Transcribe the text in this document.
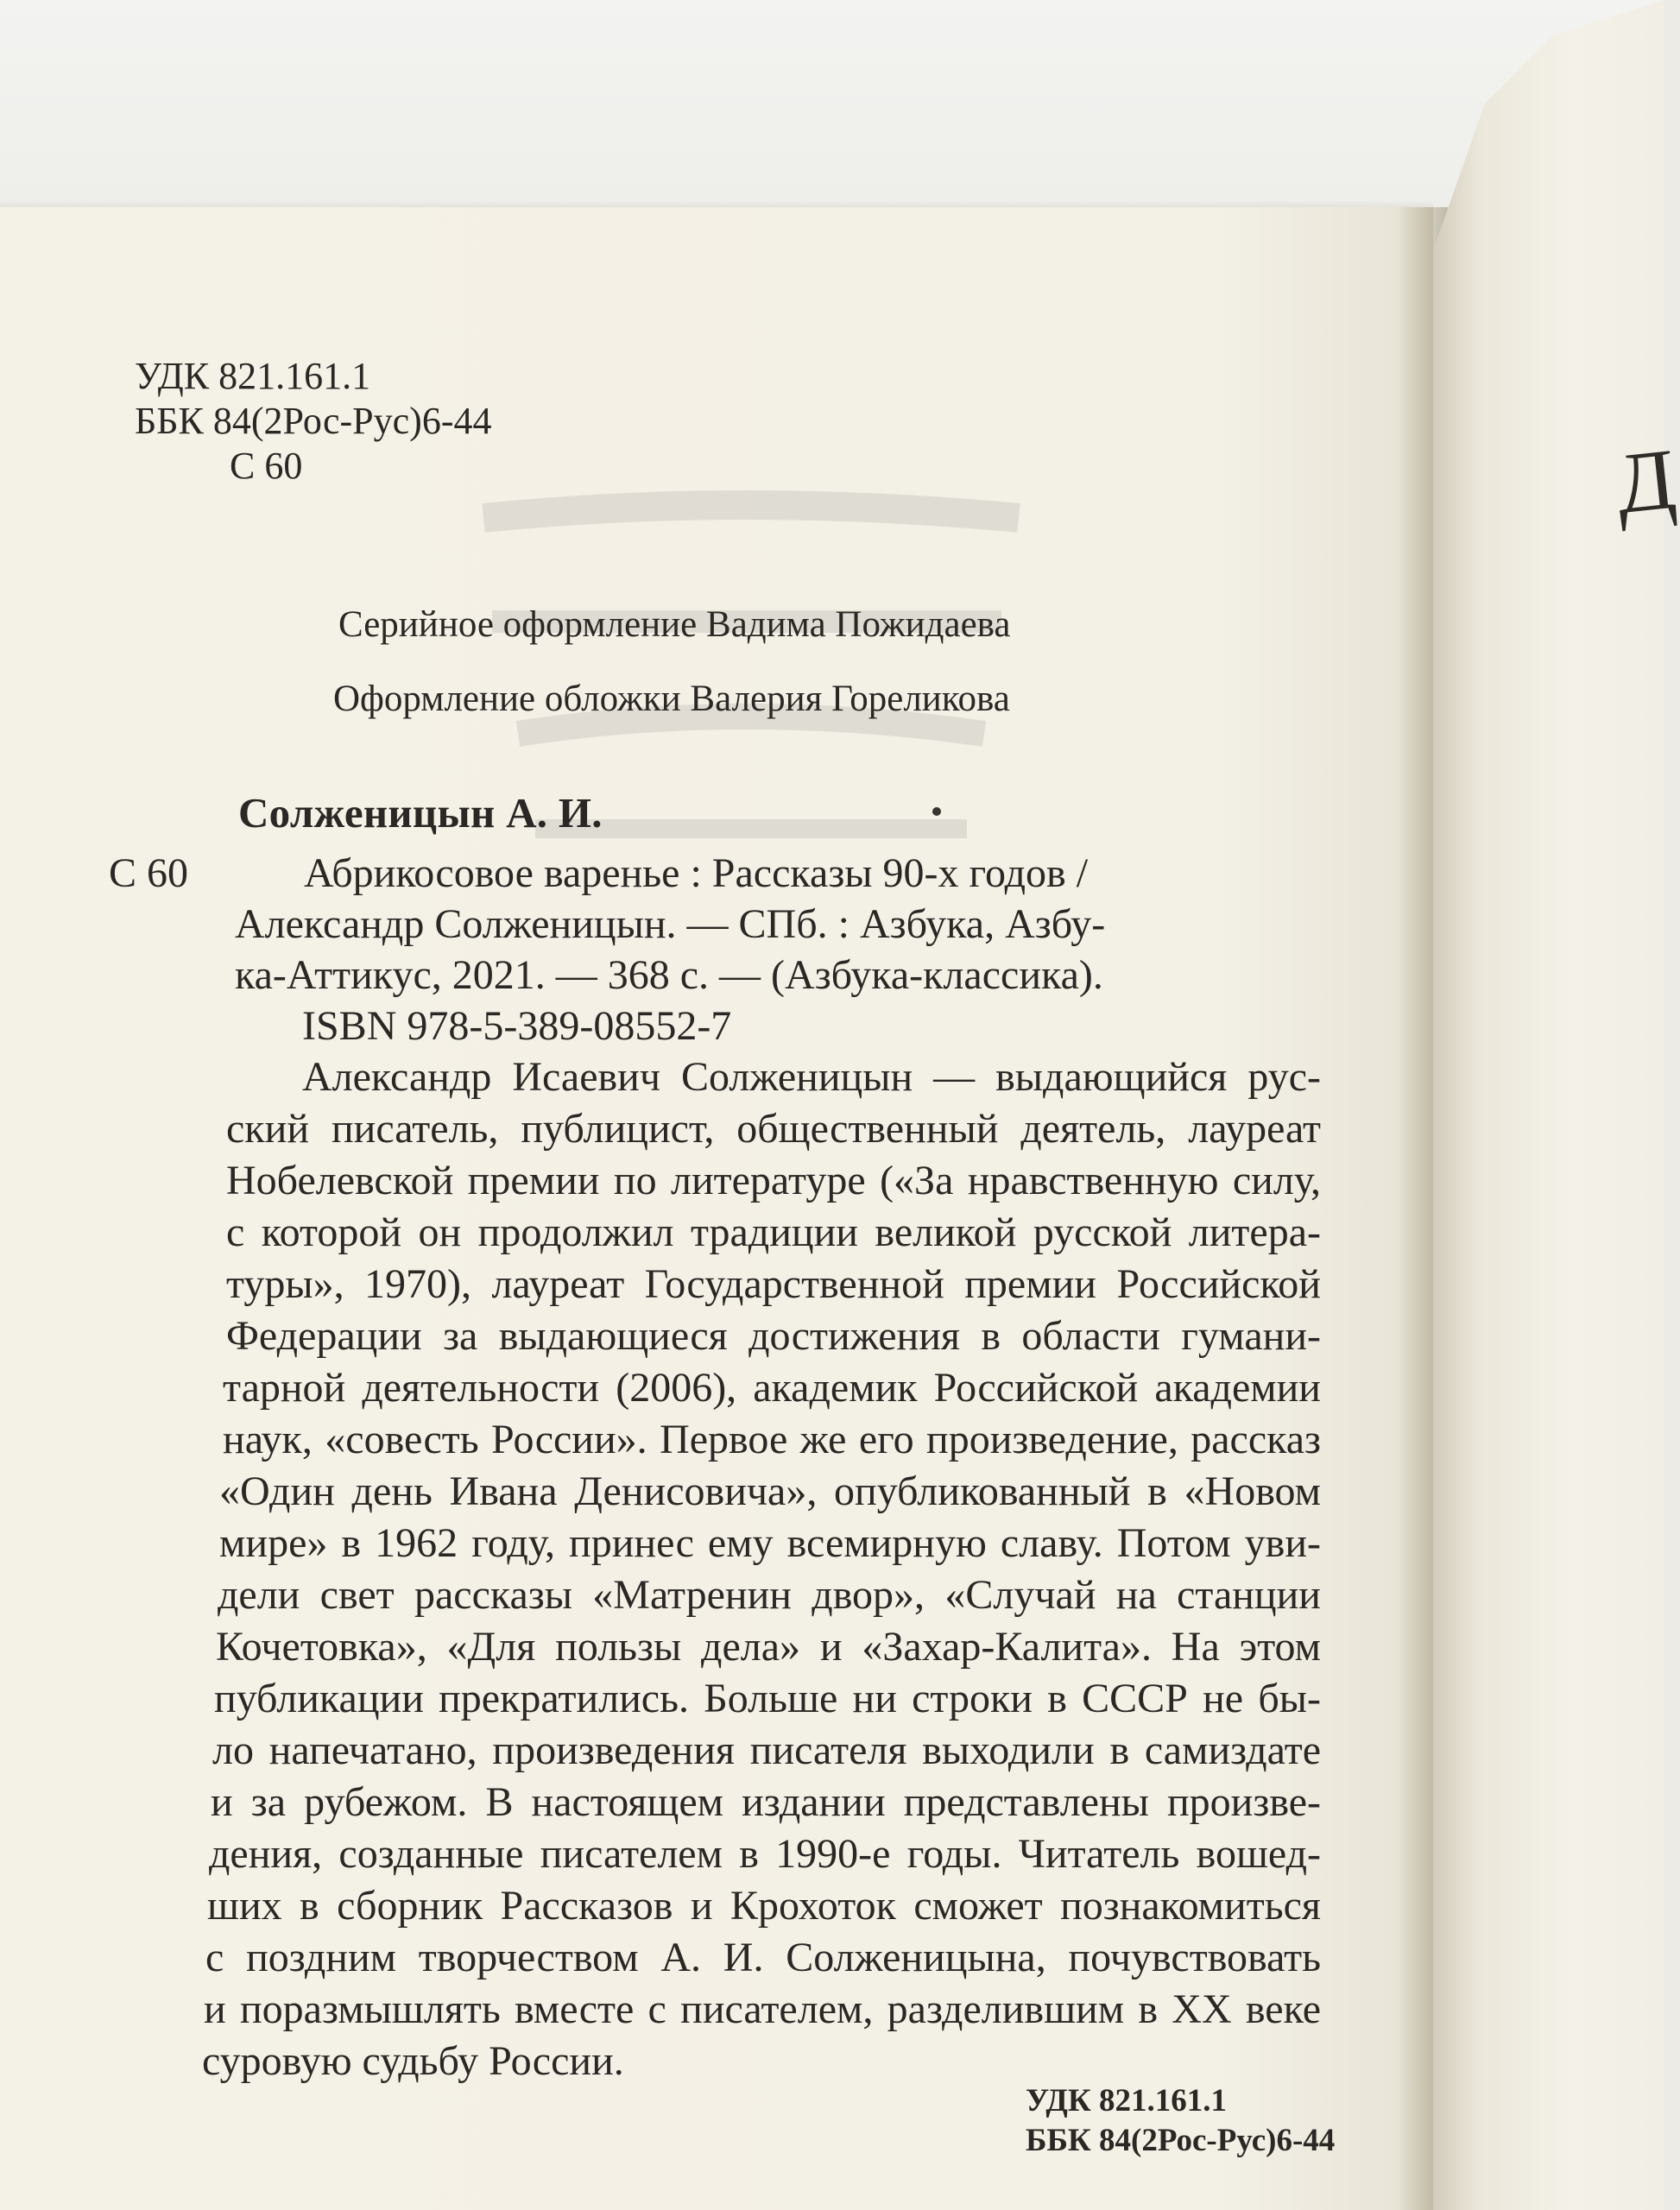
Д
УДК 821.161.1
ББК 84(2Рос-Рус)6-44
С 60
Серийное оформление Вадима Пожидаева
Оформление обложки Валерия Гореликова
Солженицын А. И.
С 60	Абрикосовое варенье : Рассказы 90-х годов /
Александр Солженицын. — СПб. : Азбука, Азбу-
ка-Аттикус, 2021. — 368 с. — (Азбука-классика).
ISBN 978-5-389-08552-7
Александр Исаевич Солженицын — выдающийся рус-
ский писатель, публицист, общественный деятель, лауреат
Нобелевской премии по литературе («За нравственную силу,
с которой он продолжил традиции великой русской литера-
туры», 1970), лауреат Государственной премии Российской
Федерации за выдающиеся достижения в области гумани-
тарной деятельности (2006), академик Российской академии
наук, «совесть России». Первое же его произведение, рассказ
«Один день Ивана Денисовича», опубликованный в «Новом
мире» в 1962 году, принес ему всемирную славу. Потом уви-
дели свет рассказы «Матренин двор», «Случай на станции
Кочетовка», «Для пользы дела» и «Захар-Калита». На этом
публикации прекратились. Больше ни строки в СССР не бы-
ло напечатано, произведения писателя выходили в самиздате
и за рубежом. В настоящем издании представлены произве-
дения, созданные писателем в 1990-е годы. Читатель вошед-
ших в сборник Рассказов и Крохоток сможет познакомиться
с поздним творчеством А. И. Солженицына, почувствовать
и поразмышлять вместе с писателем, разделившим в XX веке
суровую судьбу России.
УДК 821.161.1
ББК 84(2Рос-Рус)6-44
